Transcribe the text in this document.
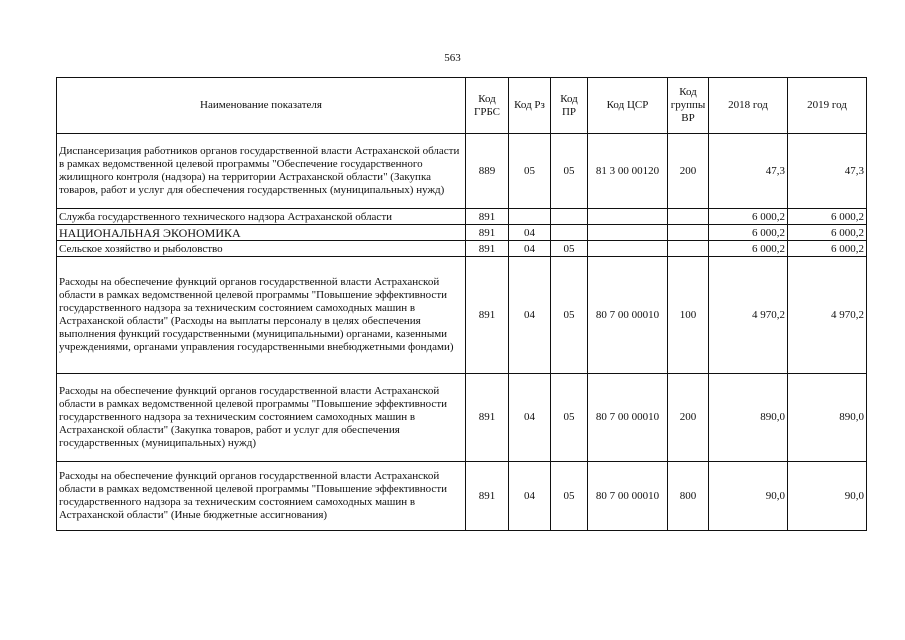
563
Наименование показателя	Код ГРБС	Код Рз	Код ПР	Код ЦСР	Код группы ВР	2018 год	2019 год
Диспансеризация работников органов государственной власти Астраханской области в рамках ведомственной целевой программы "Обеспечение государственного жилищного контроля (надзора) на территории Астраханской области" (Закупка товаров, работ и услуг для обеспечения государственных (муниципальных) нужд)	889	05	05	81 3 00 00120	200	47,3	47,3
Служба государственного технического надзора Астраханской области	891					6 000,2	6 000,2
НАЦИОНАЛЬНАЯ ЭКОНОМИКА	891	04				6 000,2	6 000,2
Сельское хозяйство и рыболовство	891	04	05			6 000,2	6 000,2
Расходы на обеспечение функций органов государственной власти Астраханской области в рамках ведомственной целевой программы "Повышение эффективности государственного надзора за техническим состоянием самоходных машин в Астраханской области" (Расходы на выплаты персоналу в целях обеспечения выполнения функций государственными (муниципальными) органами, казенными учреждениями, органами управления государственными внебюджетными фондами)	891	04	05	80 7 00 00010	100	4 970,2	4 970,2
Расходы на обеспечение функций органов государственной власти Астраханской области в рамках ведомственной целевой программы "Повышение эффективности государственного надзора за техническим состоянием самоходных машин в Астраханской области" (Закупка товаров, работ и услуг для обеспечения государственных (муниципальных) нужд)	891	04	05	80 7 00 00010	200	890,0	890,0
Расходы на обеспечение функций органов государственной власти Астраханской области в рамках ведомственной целевой программы "Повышение эффективности государственного надзора за техническим состоянием самоходных машин в Астраханской области" (Иные бюджетные ассигнования)	891	04	05	80 7 00 00010	800	90,0	90,0
